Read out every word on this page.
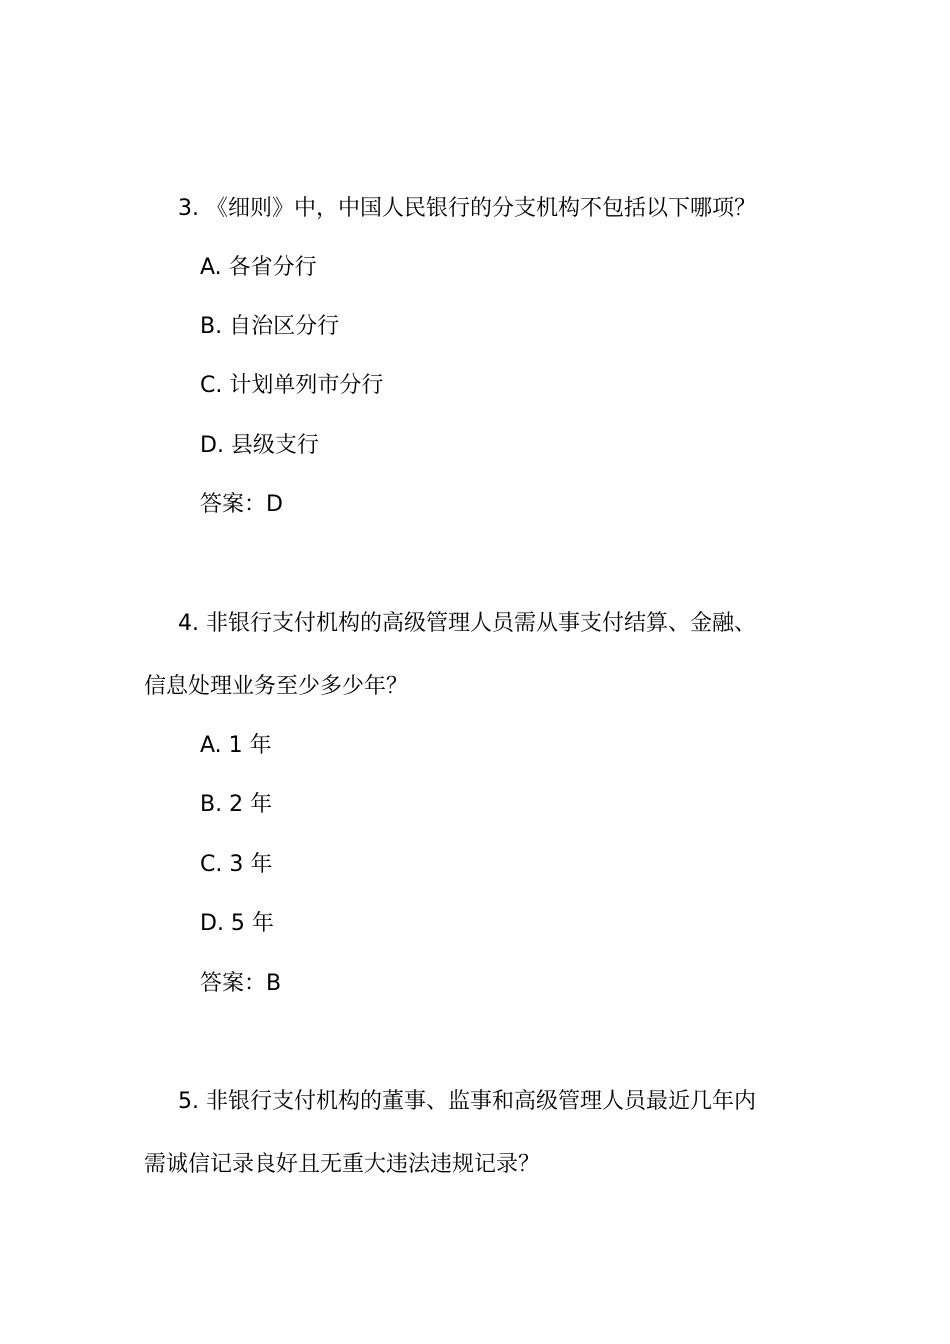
3. 《细则》中，中国人民银行的分支机构不包括以下哪项？

A. 各省分行

B. 自治区分行

C. 计划单列市分行

D. 县级支行

答案：D

4. 非银行支付机构的高级管理人员需从事支付结算、金融、

信息处理业务至少多少年？

A. 1 年

B. 2 年

C. 3 年

D. 5 年

答案：B

5. 非银行支付机构的董事、监事和高级管理人员最近几年内

需诚信记录良好且无重大违法违规记录？
